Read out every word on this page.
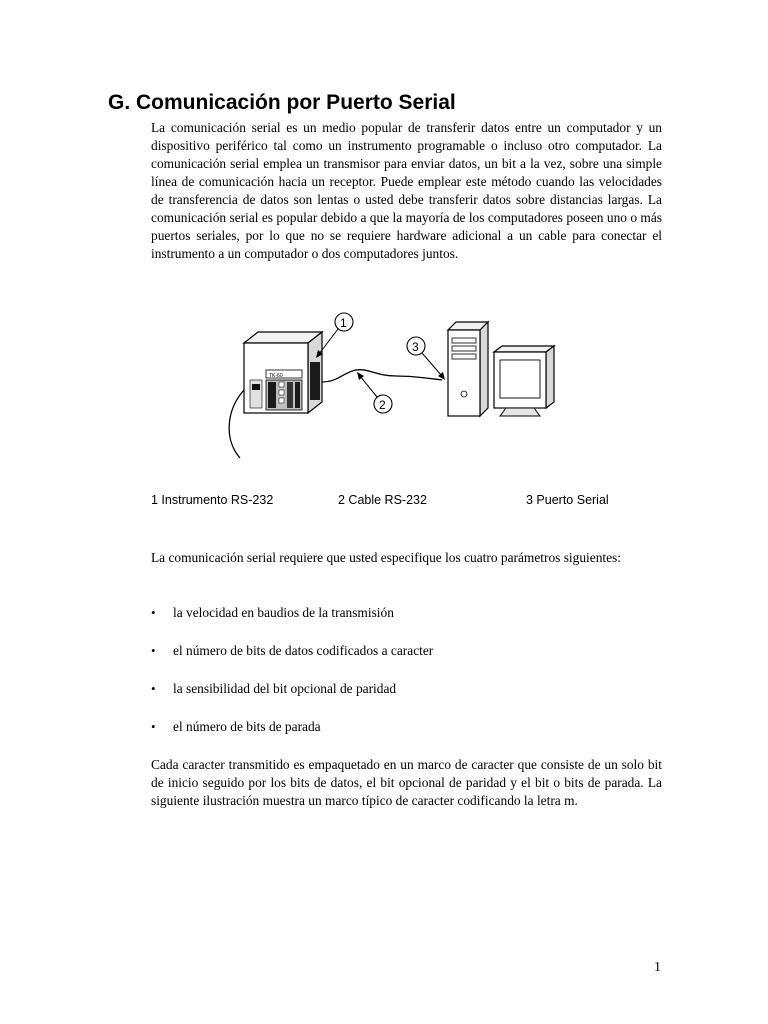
G. Comunicación por Puerto Serial

La comunicación serial es un medio popular de transferir datos entre un computador y un dispositivo periférico tal como un instrumento programable o incluso otro computador. La comunicación serial emplea un transmisor para enviar datos, un bit a la vez, sobre una simple línea de comunicación hacia un receptor. Puede emplear este método cuando las velocidades de transferencia de datos son lentas o usted debe transferir datos sobre distancias largas. La comunicación serial es popular debido a que la mayoría de los computadores poseen uno o más puertos seriales, por lo que no se requiere hardware adicional a un cable para conectar el instrumento a un computador o dos computadores juntos.

TK-60
1
2
3
1 Instrumento RS-232	2 Cable RS-232	3 Puerto Serial

La comunicación serial requiere que usted especifique los cuatro parámetros siguientes:

• la velocidad en baudios de la transmisión
• el número de bits de datos codificados a caracter
• la sensibilidad del bit opcional de paridad
• el número de bits de parada

Cada caracter transmitido es empaquetado en un marco de caracter que consiste de un solo bit de inicio seguido por los bits de datos, el bit opcional de paridad y el bit o bits de parada. La siguiente ilustración muestra un marco típico de caracter codificando la letra m.

1
